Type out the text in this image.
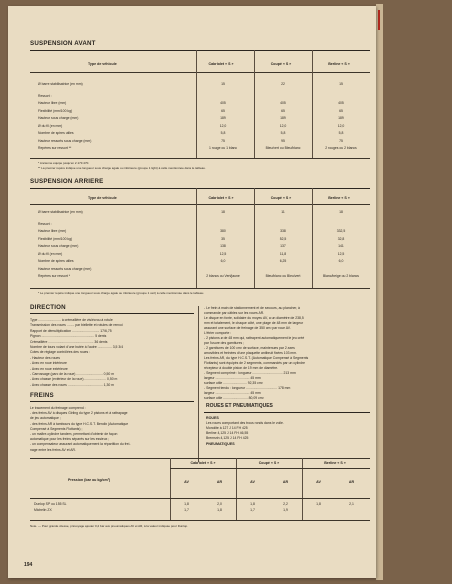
SUSPENSION AVANT
Type de véhicule	Cabriolet « S »	Coupé « S »	Berline « S »
Ø barre stabilisatrice (en mm)	15	22	15
Ressort :
Hauteur libre (mm)	405	405	405
Flexibilité (mm/100 kg)	65	65	65
Hauteur sous charge (mm)	189	189	189
Ø du fil (en mm)	12,0	12,0	12,0
Nombre de spires utiles	5,8	5,8	5,8
Hauteur ressorts sous charge (mm)	75	95	75
Repères sur ressort **	1 rouge ou 1 blanc	Bleu/vert ou Bleu/blanc	2 rouges ou 2 blancs
* Ancienne équipe jusqu'en 2.173.470.
** La premier repère indique une longueur sous charge égale ou inférieure (groupe 1 light) à celle mentionnée dans le tableau.
SUSPENSION ARRIERE
Type de véhicule	Cabriolet « S »	Coupé « S »	Berline « S »
Ø barre stabilisatrice (en mm)	18	11	18
Ressort :
Hauteur libre (mm)	380	338	332,5
Flexibilité (mm/100 kg)	35	52,5	32,8
Hauteur sous charge (mm)	138	137	141
Ø du fil (en mm)	12,5	11,8	12,5
Nombre de spires utiles	6,0	6,25	6,0
Hauteur ressorts sous charge (mm)
Repères sur ressort *	2 blancs ou Vert/jaune	Bleu/blanc ou Bleu/vert	Blanc/beige ou 2 blancs
* Le premier repère indique une longueur sous charge égale ou inférieure (groupe 1 vert) à celle mentionnée dans le tableau.
DIRECTION
Type ........................ à crémaillère de vis/écrou à rotule
Transmission des roues ........ par biellette et rotules de renvoi
Rapport de démultiplication ............................. 17/6,75
Pignon ........................................................ 5 dents
Crémaillère ................................................ 36 dents
Nombre de tours volant d'une butée à l'autre ............... 3,5 3/4
Cotes de réglage contrôlées des roues :
- Hauteur des roues
- Avec en roue intérieure
- Avec en roue extérieure
- Carrossage (parc de la roue) ............................ 0,50 m
- Avec chasse (extérieur de la roue) ....................... 0,50 m
- Avec chasse des roues ..................................... 1,30 m
FREINS
Le tracement du freinage comprend :
- des freins AV à disques Girling du type 2 pistons et à rattrapage
de jeu automatique ;
- des freins AR à tambours du type H.C.S.T. Bendix (Automatique
Compensé à Segments Flottants) ;
- un maître-cylindre tandem, permettant d'obtenir de façon
automatique pour les freins séparés sur les essieux ;
- un compensateur assurant automatiquement la répartition du frei-
nage entre les freins AV et AR.
- Le frein à main de stationnement et de secours, au plancher, à
commande par câbles sur les roues AR.
Le disque en fonte, solidaire du moyeu AV, a un diamètre de 238,5
mm et totalement, le chaque côté, une plage de 48 mm de largeur
assurant une surface de freinage de 350 cm² par roue AV.
L'étrier comporte :
- 2 pistons ø de 48 mm qui, rattrapent automatiquement le jeu créé
par l'usure des garnitures ;
- 2 garnitures de 100 cm² de surface, maintenues par 2 axes
amovibles et freinées d'une plaquette antibruit fixées 103 mm.
Les freins AR, du type H.C.S.T. (Automatique Compensé à Segments
Flottants) sont équipés de 2 segments, commandés par un cylindre
récepteur à double piston de 19 mm de diamètre.
- Segment comprimé : longueur ................................ 213 mm
largeur .................................... 45 mm
surface utile ......................... 92,35 cm²
- Segment tendu : longueur ................................. 178 mm
largeur .................................... 45 mm
surface utile .......................... 80,09 cm²
ROUES ET PNEUMATIQUES
ROUES
Les roues comportant des trous ronds dans le voile.
Monolite à 127 J 14 FH 425
Berline 4,125 J 14 FH 46,55
Bremsrin 4,125 J 14 FH 425
PNEUMATIQUES
Pression (bar ou kg/cm²)
Cabriolet « S »	Coupé « S »	Berline « S »
AV	AR	AV	AR	AV	AR
Dunlop SP ou 155 SL	1,8	2,0	1,8	2,2	1,8	2,1
Michelin ZX	1,7	1,8	1,7	1,9
Note. — Pour grande vitesse, prévoyage ajouter 0,2 bar aux pneumatiques AV et AR, à la valeur indiquée pour Dunlop.
194
